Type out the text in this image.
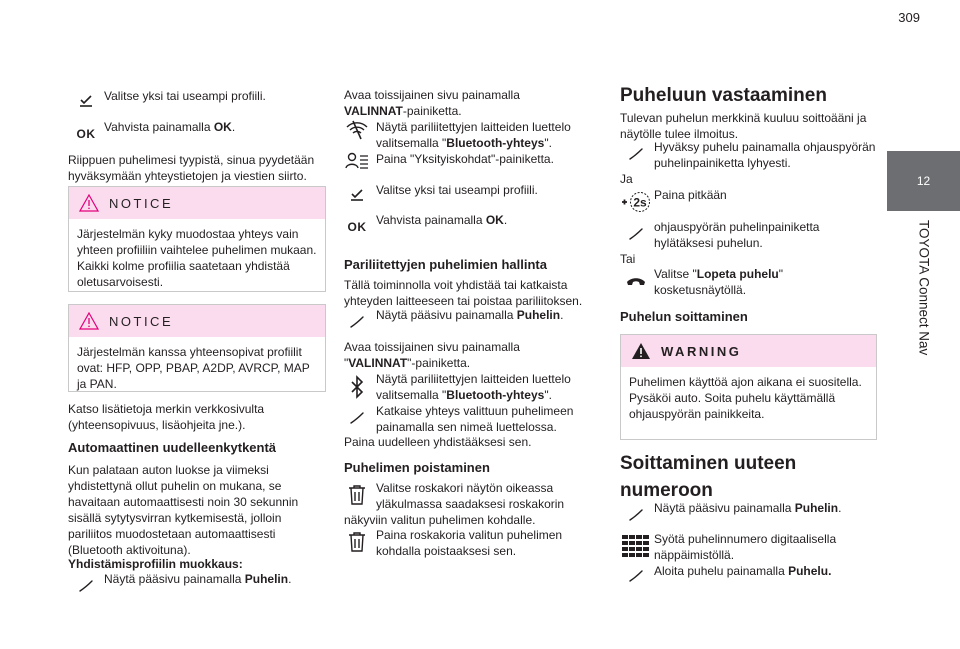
309
12
TOYOTA Connect Nav

Valitse yksi tai useampi profiili.

OK Vahvista painamalla OK.

Riippuen puhelimesi tyypistä, sinua pyydetään hyväksymään yhteystietojen ja viestien siirto.

NOTICE
Järjestelmän kyky muodostaa yhteys vain yhteen profiiliin vaihtelee puhelimen mukaan. Kaikki kolme profiilia saatetaan yhdistää oletusarvoisesti.
NOTICE
Järjestelmän kanssa yhteensopivat profiilit ovat: HFP, OPP, PBAP, A2DP, AVRCP, MAP ja PAN.

Katso lisätietoja merkin verkkosivulta (yhteensopivuus, lisäohjeita jne.).

Automaattinen uudelleenkytkentä

Kun palataan auton luokse ja viimeksi yhdistettynä ollut puhelin on mukana, se havaitaan automaattisesti noin 30 sekunnin sisällä sytytysvirran kytkemisestä, jolloin pariliitos muodostetaan automaattisesti (Bluetooth aktivoituna).

Yhdistämisprofiilin muokkaus:

Näytä pääsivu painamalla Puhelin.

Avaa toissijainen sivu painamalla
VALINNAT-painiketta.

Näytä pariliitettyjen laitteiden luettelo valitsemalla "Bluetooth-yhteys".

Paina "Yksityiskohdat"-painiketta.

Valitse yksi tai useampi profiili.

OK Vahvista painamalla OK.

Pariliitettyjen puhelimien hallinta

Tällä toiminnolla voit yhdistää tai katkaista yhteyden laitteeseen tai poistaa pariliitoksen.

Näytä pääsivu painamalla Puhelin.

Avaa toissijainen sivu painamalla
"VALINNAT"-painiketta.

Näytä pariliitettyjen laitteiden luettelo valitsemalla "Bluetooth-yhteys".

Katkaise yhteys valittuun puhelimeen painamalla sen nimeä luettelossa.

Paina uudelleen yhdistääksesi sen.

Puhelimen poistaminen

Valitse roskakori näytön oikeassa yläkulmassa saadaksesi roskakorin

näkyviin valitun puhelimen kohdalle.

Paina roskakoria valitun puhelimen kohdalla poistaaksesi sen.

Puheluun vastaaminen

Tulevan puhelun merkkinä kuuluu soittoääni ja näytölle tulee ilmoitus.

Hyväksy puhelu painamalla ohjauspyörän puhelinpainiketta lyhyesti.

Ja

2s

Paina pitkään

ohjauspyörän puhelinpainiketta hylätäksesi puhelun.

Tai

Valitse "Lopeta puhelu" kosketusnäytöllä.

Puhelun soittaminen
WARNING
Puhelimen käyttöä ajon aikana ei suositella. Pysäköi auto. Soita puhelu käyttämällä ohjauspyörän painikkeita.
Soittaminen uuteen
numeroon

Näytä pääsivu painamalla Puhelin.

Syötä puhelinnumero digitaalisella näppäimistöllä.

Aloita puhelu painamalla Puhelu.
